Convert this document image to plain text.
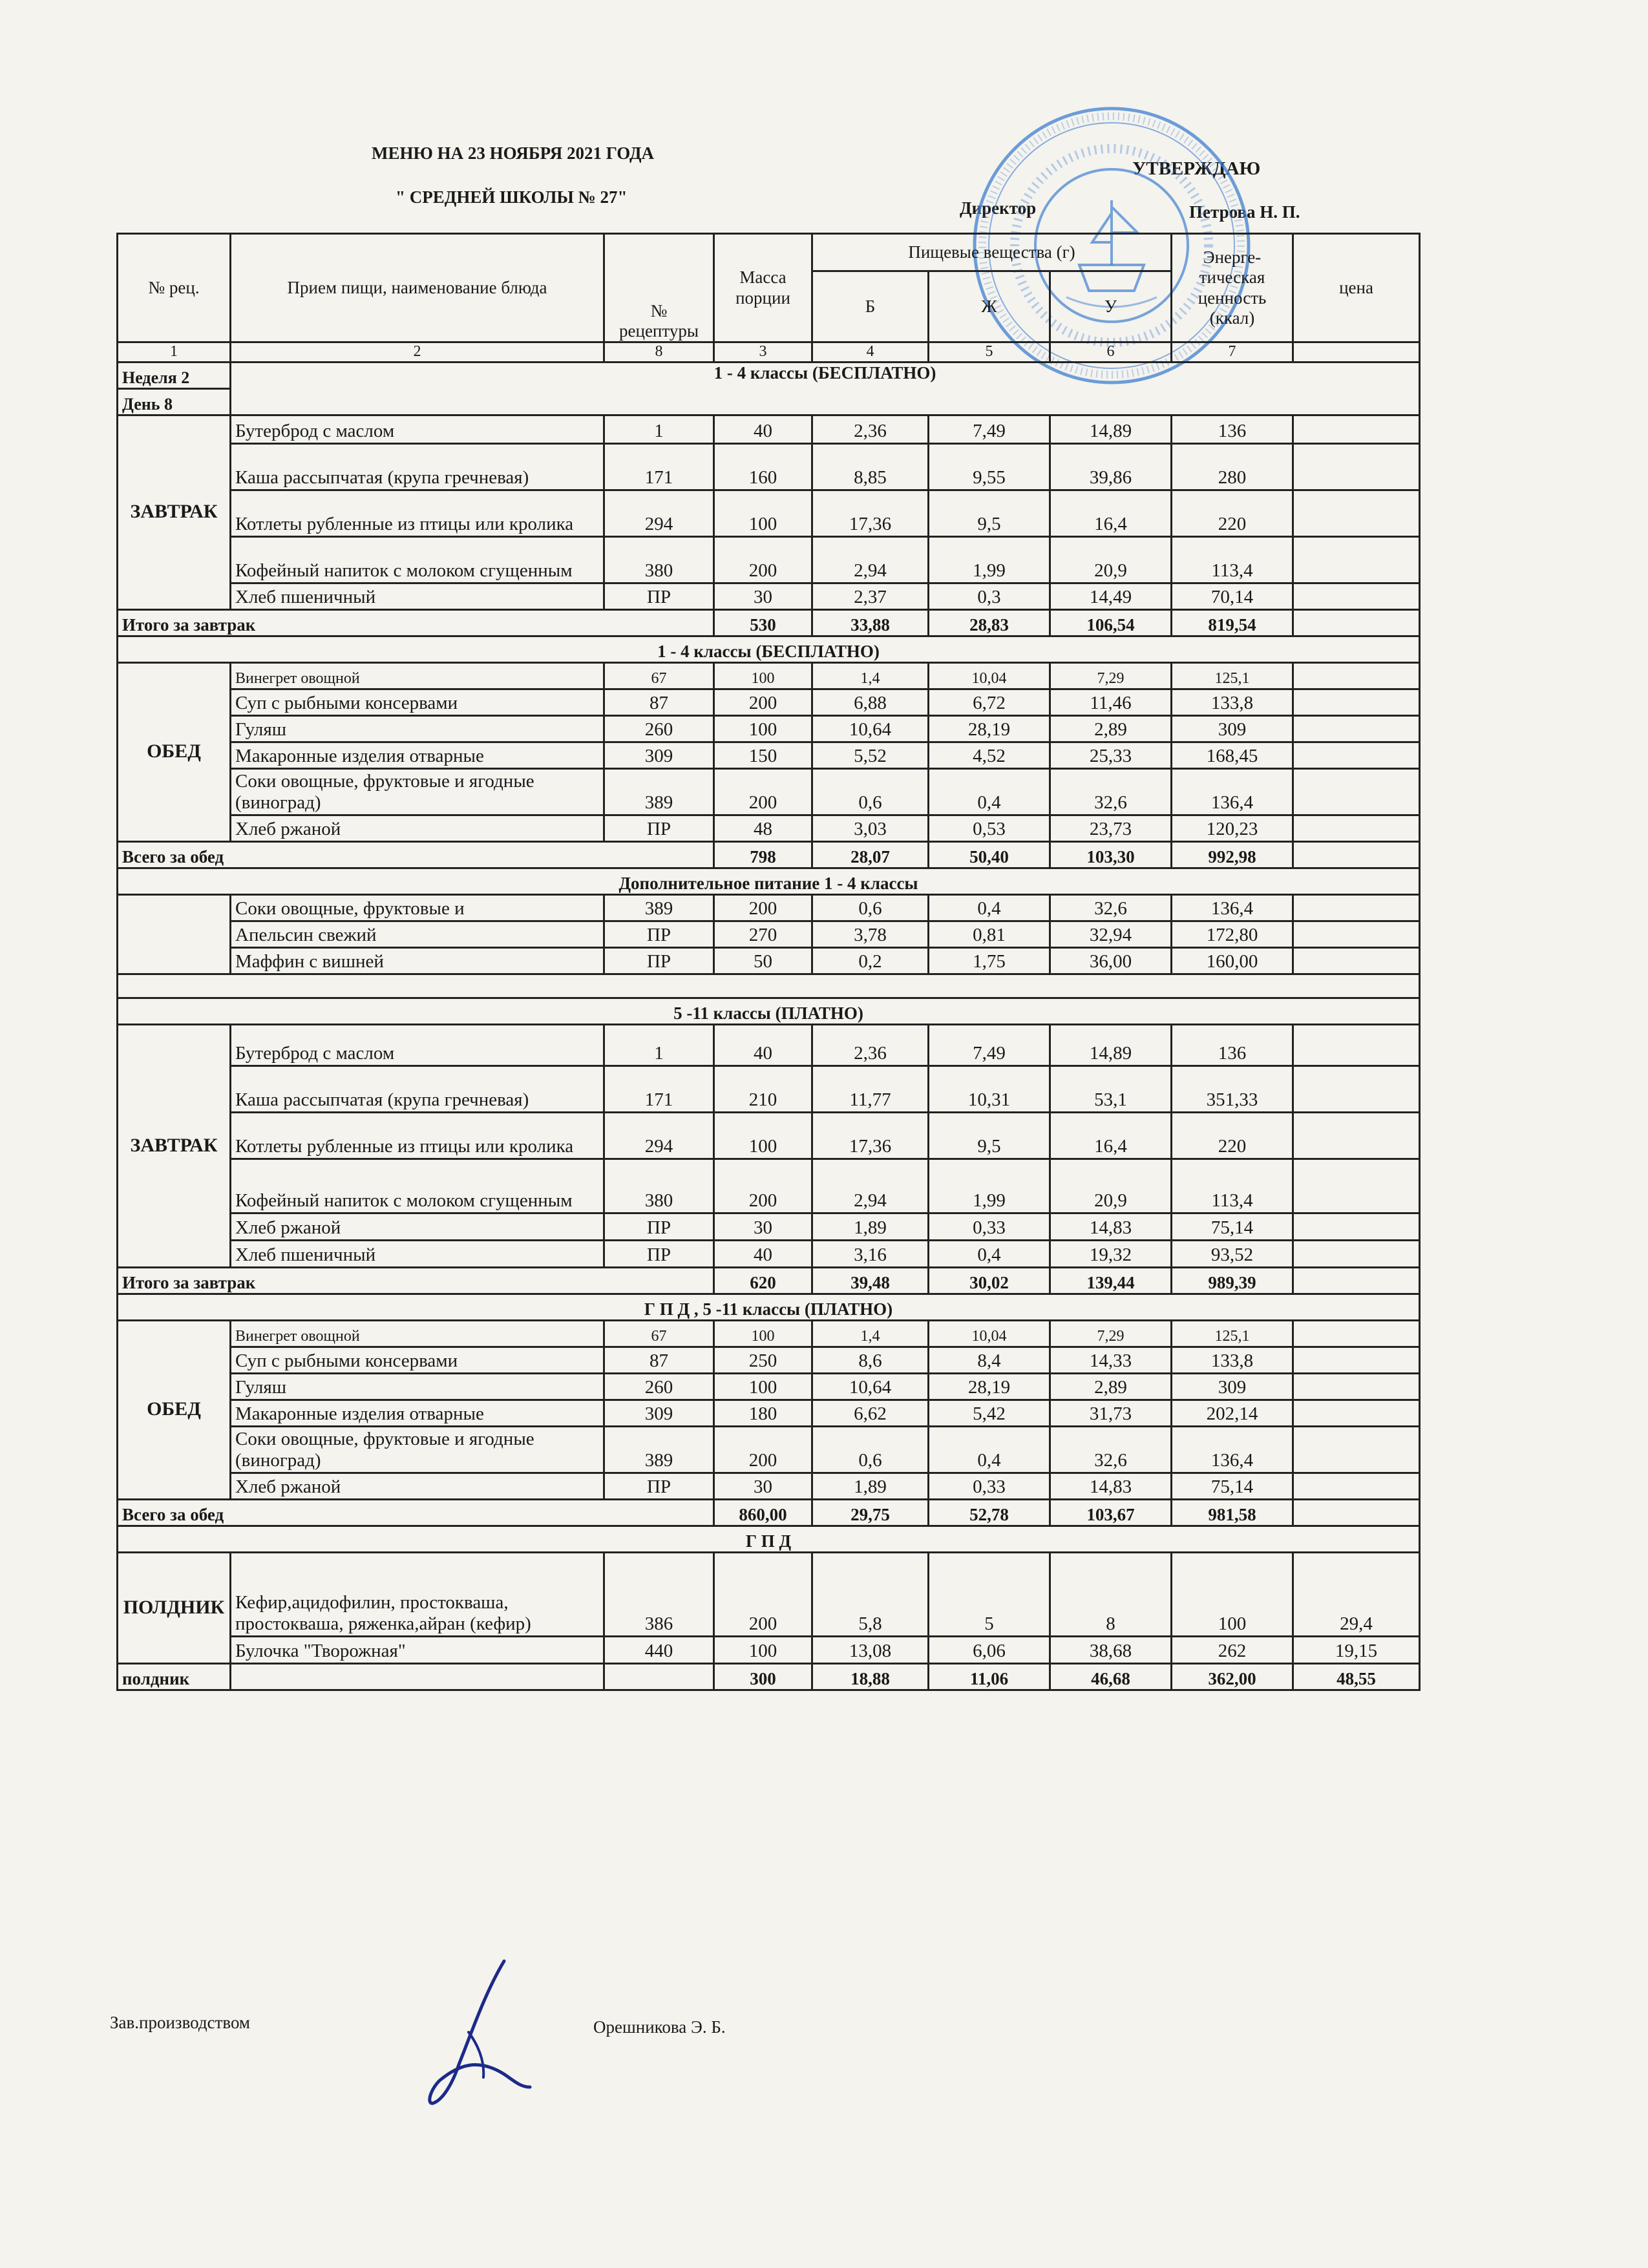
МЕНЮ НА 23 НОЯБРЯ 2021 ГОДА
" СРЕДНЕЙ ШКОЛЫ № 27"
УТВЕРЖДАЮ
Директор	Петрова Н. П.
№ рец.	Прием пищи, наименование блюда	№ рецептуры	Масса порции	Пищевые вещества (г)			Энерге- тическая ценность (ккал)	цена
				Б	Ж	У		
1	2	8	3	4	5	6	7	
Неделя 2	1 - 4 классы (БЕСПЛАТНО)							
День 8								
ЗАВТРАК	Бутерброд с маслом	1	40	2,36	7,49	14,89	136	
	Каша рассыпчатая (крупа гречневая)	171	160	8,85	9,55	39,86	280	
	Котлеты рубленные из птицы или кролика	294	100	17,36	9,5	16,4	220	
	Кофейный напиток с молоком сгущенным	380	200	2,94	1,99	20,9	113,4	
	Хлеб пшеничный	ПР	30	2,37	0,3	14,49	70,14	
Итого за завтрак			530	33,88	28,83	106,54	819,54	
1 - 4 классы (БЕСПЛАТНО)								
ОБЕД	Винегрет овощной	67	100	1,4	10,04	7,29	125,1	
	Суп с рыбными консервами	87	200	6,88	6,72	11,46	133,8	
	Гуляш	260	100	10,64	28,19	2,89	309	
	Макаронные изделия отварные	309	150	5,52	4,52	25,33	168,45	
	Соки овощные, фруктовые и ягодные (виноград)	389	200	0,6	0,4	32,6	136,4	
	Хлеб ржаной	ПР	48	3,03	0,53	23,73	120,23	
Всего за обед			798	28,07	50,40	103,30	992,98	
Дополнительное питание 1 - 4 классы								
	Соки овощные, фруктовые и	389	200	0,6	0,4	32,6	136,4	
	Апельсин свежий	ПР	270	3,78	0,81	32,94	172,80	
	Маффин с вишней	ПР	50	0,2	1,75	36,00	160,00	

5 -11 классы (ПЛАТНО)								
ЗАВТРАК	Бутерброд с маслом	1	40	2,36	7,49	14,89	136	
	Каша рассыпчатая (крупа гречневая)	171	210	11,77	10,31	53,1	351,33	
	Котлеты рубленные из птицы или кролика	294	100	17,36	9,5	16,4	220	
	Кофейный напиток с молоком сгущенным	380	200	2,94	1,99	20,9	113,4	
	Хлеб ржаной	ПР	30	1,89	0,33	14,83	75,14	
	Хлеб пшеничный	ПР	40	3,16	0,4	19,32	93,52	
Итого за завтрак			620	39,48	30,02	139,44	989,39	
Г П Д , 5 -11 классы (ПЛАТНО)								
ОБЕД	Винегрет овощной	67	100	1,4	10,04	7,29	125,1	
	Суп с рыбными консервами	87	250	8,6	8,4	14,33	133,8	
	Гуляш	260	100	10,64	28,19	2,89	309	
	Макаронные изделия отварные	309	180	6,62	5,42	31,73	202,14	
	Соки овощные, фруктовые и ягодные (виноград)	389	200	0,6	0,4	32,6	136,4	
	Хлеб ржаной	ПР	30	1,89	0,33	14,83	75,14	
Всего за обед			860,00	29,75	52,78	103,67	981,58	
Г П Д								
ПОЛДНИК	Кефир,ацидофилин, простокваша, простокваша, ряженка,айран (кефир)	386	200	5,8	5	8	100	29,4
	Булочка "Творожная"	440	100	13,08	6,06	38,68	262	19,15
полдник			300	18,88	11,06	46,68	362,00	48,55
Зав.производством	Орешникова Э. Б.
